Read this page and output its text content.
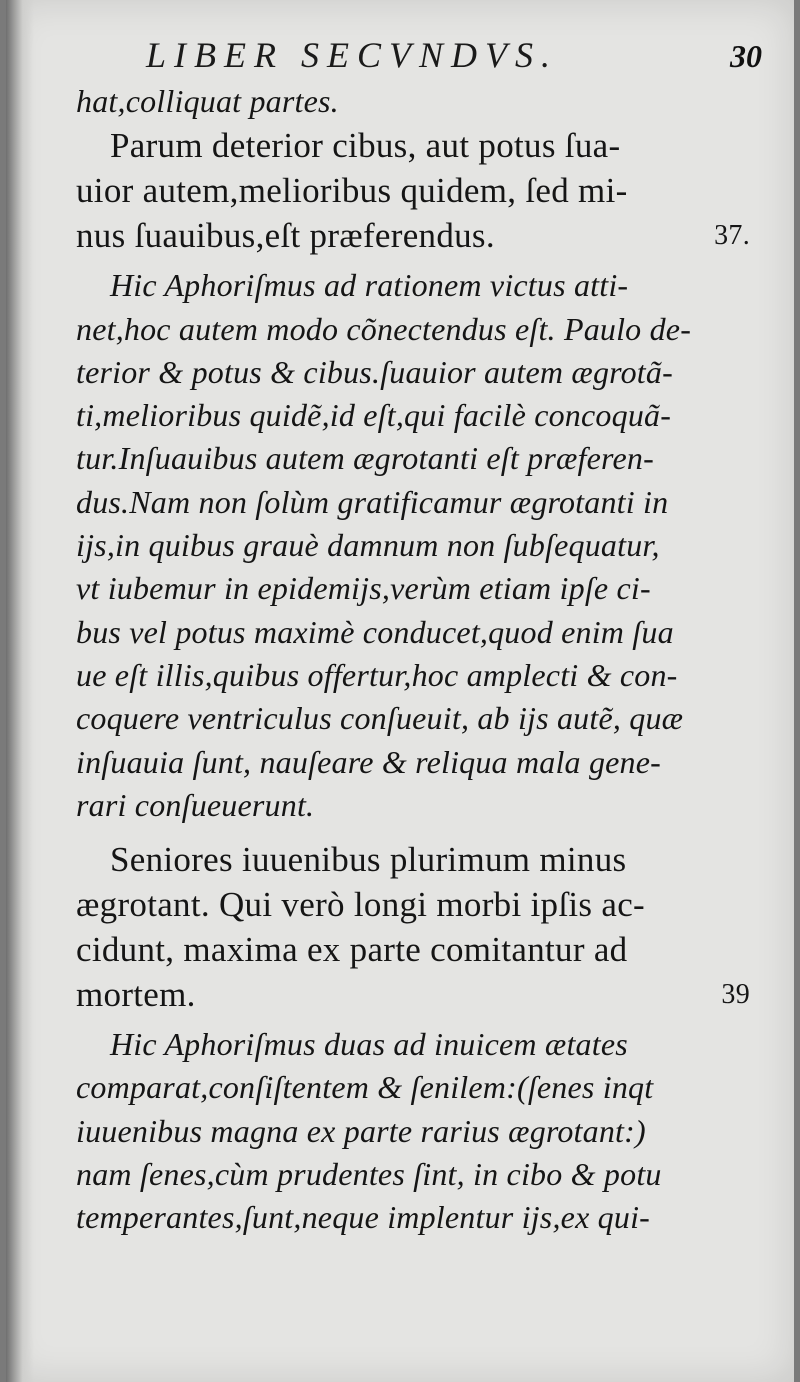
LIBER SECVNDVS.	30
hat,colliquat partes.
Parum deterior cibus, aut potus ſua-
uior autem,melioribus quidem, ſed mi-
nus ſuauibus,eſt præferendus.	37.
Hic Aphoriſmus ad rationem victus atti-
net,hoc autem modo cõnectendus eſt. Paulo de-
terior & potus & cibus.ſuauior autem ægrotã-
ti,melioribus quidẽ,id eſt,qui facilè concoquã-
tur.Inſuauibus autem ægrotanti eſt præferen-
dus.Nam non ſolùm gratificamur ægrotanti in
ijs,in quibus grauè damnum non ſubſequatur,
vt iubemur in epidemijs,verùm etiam ipſe ci-
bus vel potus maximè conducet,quod enim ſua
ue eſt illis,quibus offertur,hoc amplecti & con-
coquere ventriculus conſueuit, ab ijs autẽ, quæ
inſuauia ſunt, nauſeare & reliqua mala gene-
rari conſueuerunt.
Seniores iuuenibus plurimum minus
ægrotant. Qui verò longi morbi ipſis ac-
cidunt, maxima ex parte comitantur ad
mortem.	39
Hic Aphoriſmus duas ad inuicem ætates
comparat,conſiſtentem & ſenilem:(ſenes inqt
iuuenibus magna ex parte rarius ægrotant:)
nam ſenes,cùm prudentes ſint, in cibo & potu
temperantes,ſunt,neque implentur ijs,ex qui-
